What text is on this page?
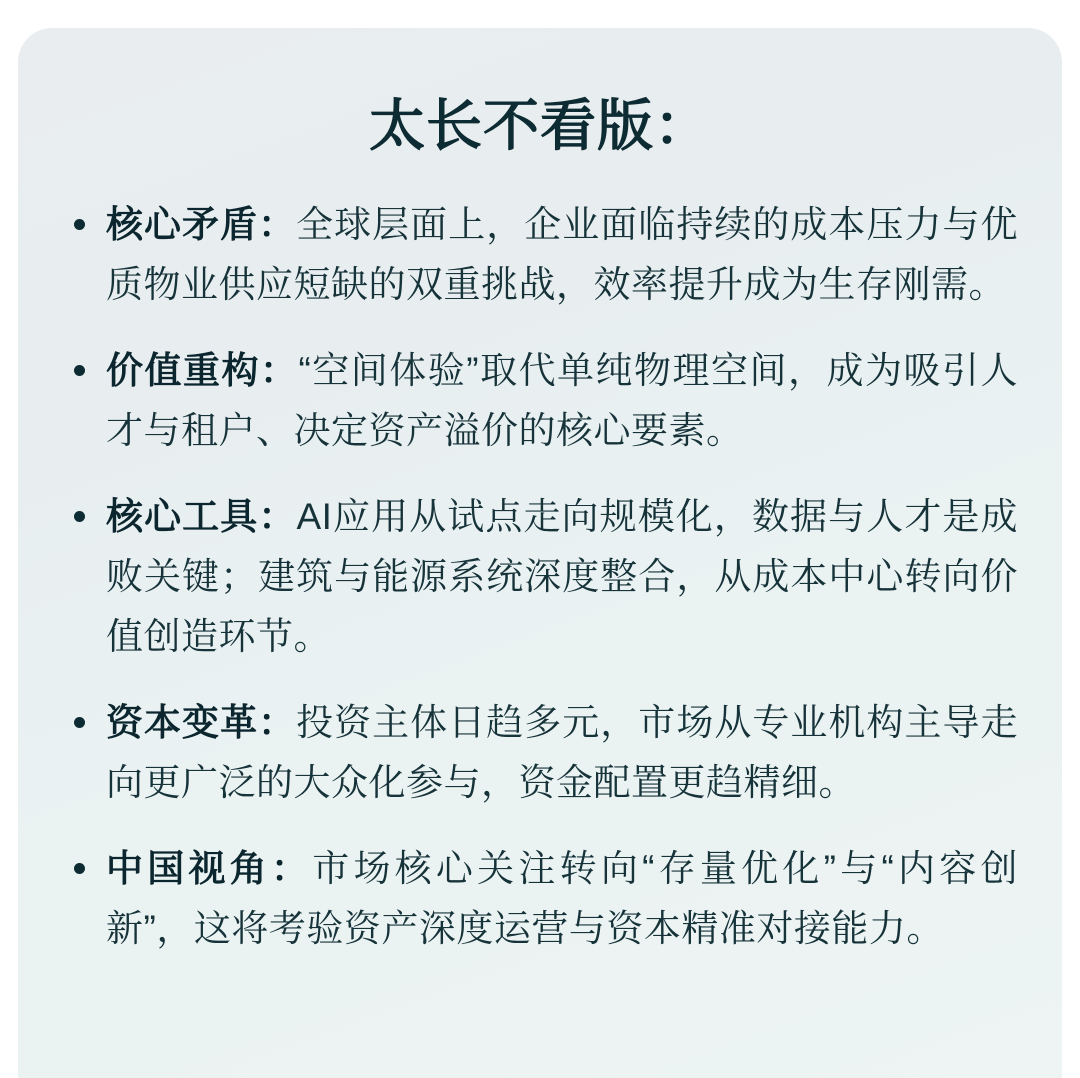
太长不看版：
核心矛盾：全球层面上，企业面临持续的成本压力与优质物业供应短缺的双重挑战，效率提升成为生存刚需。
价值重构：“空间体验”取代单纯物理空间，成为吸引人才与租户、决定资产溢价的核心要素。
核心工具：AI应用从试点走向规模化，数据与人才是成败关键；建筑与能源系统深度整合，从成本中心转向价值创造环节。
资本变革：投资主体日趋多元，市场从专业机构主导走向更广泛的大众化参与，资金配置更趋精细。
中国视角：市场核心关注转向“存量优化”与“内容创新”，这将考验资产深度运营与资本精准对接能力。
